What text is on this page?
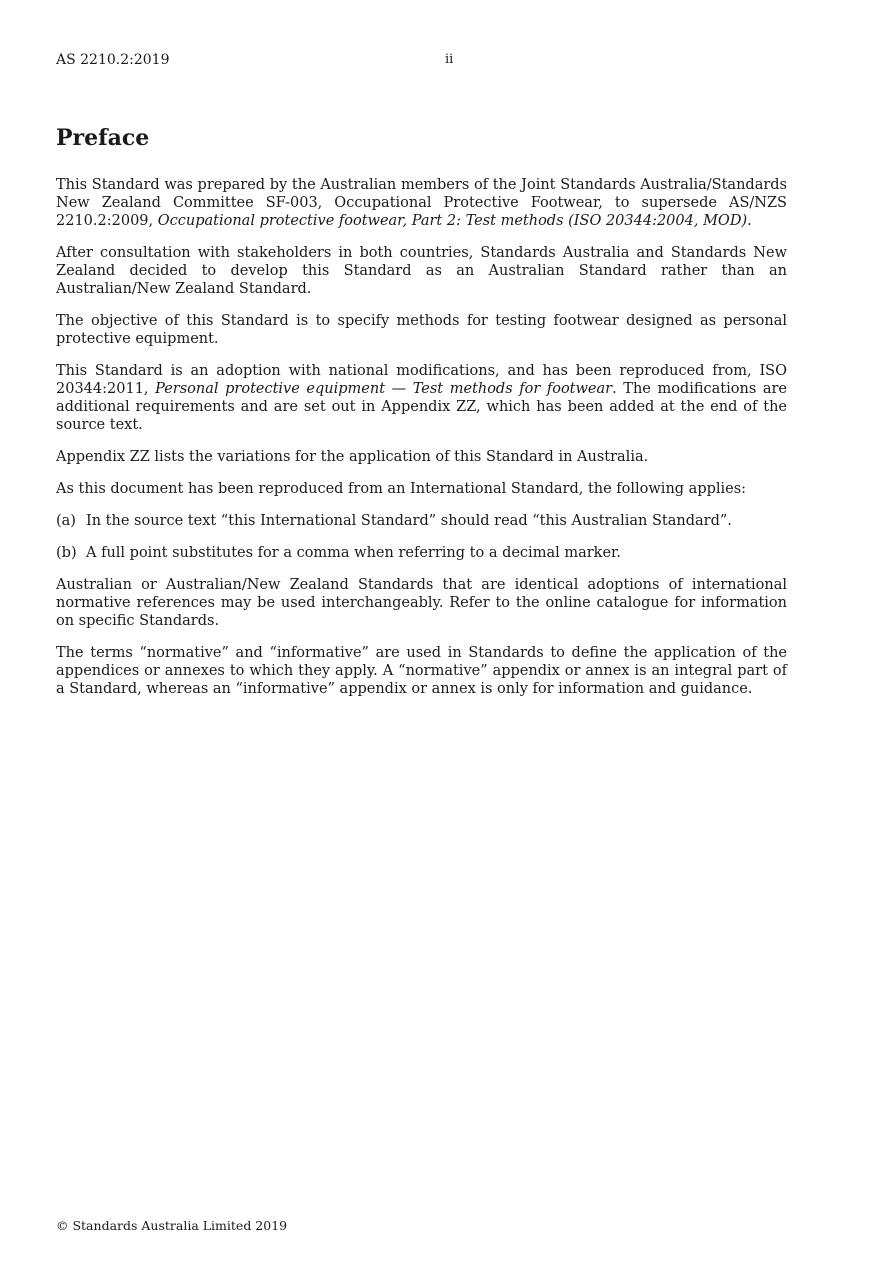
AS 2210.2:2019	ii
Preface

This Standard was prepared by the Australian members of the Joint Standards Australia/Standards New Zealand Committee SF-003, Occupational Protective Footwear, to supersede AS/NZS 2210.2:2009, Occupational protective footwear, Part 2: Test methods (ISO 20344:2004, MOD).

After consultation with stakeholders in both countries, Standards Australia and Standards New Zealand decided to develop this Standard as an Australian Standard rather than an Australian/New Zealand Standard.

The objective of this Standard is to specify methods for testing footwear designed as personal protective equipment.

This Standard is an adoption with national modifications, and has been reproduced from, ISO 20344:2011, Personal protective equipment — Test methods for footwear. The modifications are additional requirements and are set out in Appendix ZZ, which has been added at the end of the source text.

Appendix ZZ lists the variations for the application of this Standard in Australia.

As this document has been reproduced from an International Standard, the following applies:

(a) In the source text “this International Standard” should read “this Australian Standard”.
(b) A full point substitutes for a comma when referring to a decimal marker.

Australian or Australian/New Zealand Standards that are identical adoptions of international normative references may be used interchangeably. Refer to the online catalogue for information on specific Standards.

The terms “normative” and “informative” are used in Standards to define the application of the appendices or annexes to which they apply. A “normative” appendix or annex is an integral part of a Standard, whereas an “informative” appendix or annex is only for information and guidance.

© Standards Australia Limited 2019
